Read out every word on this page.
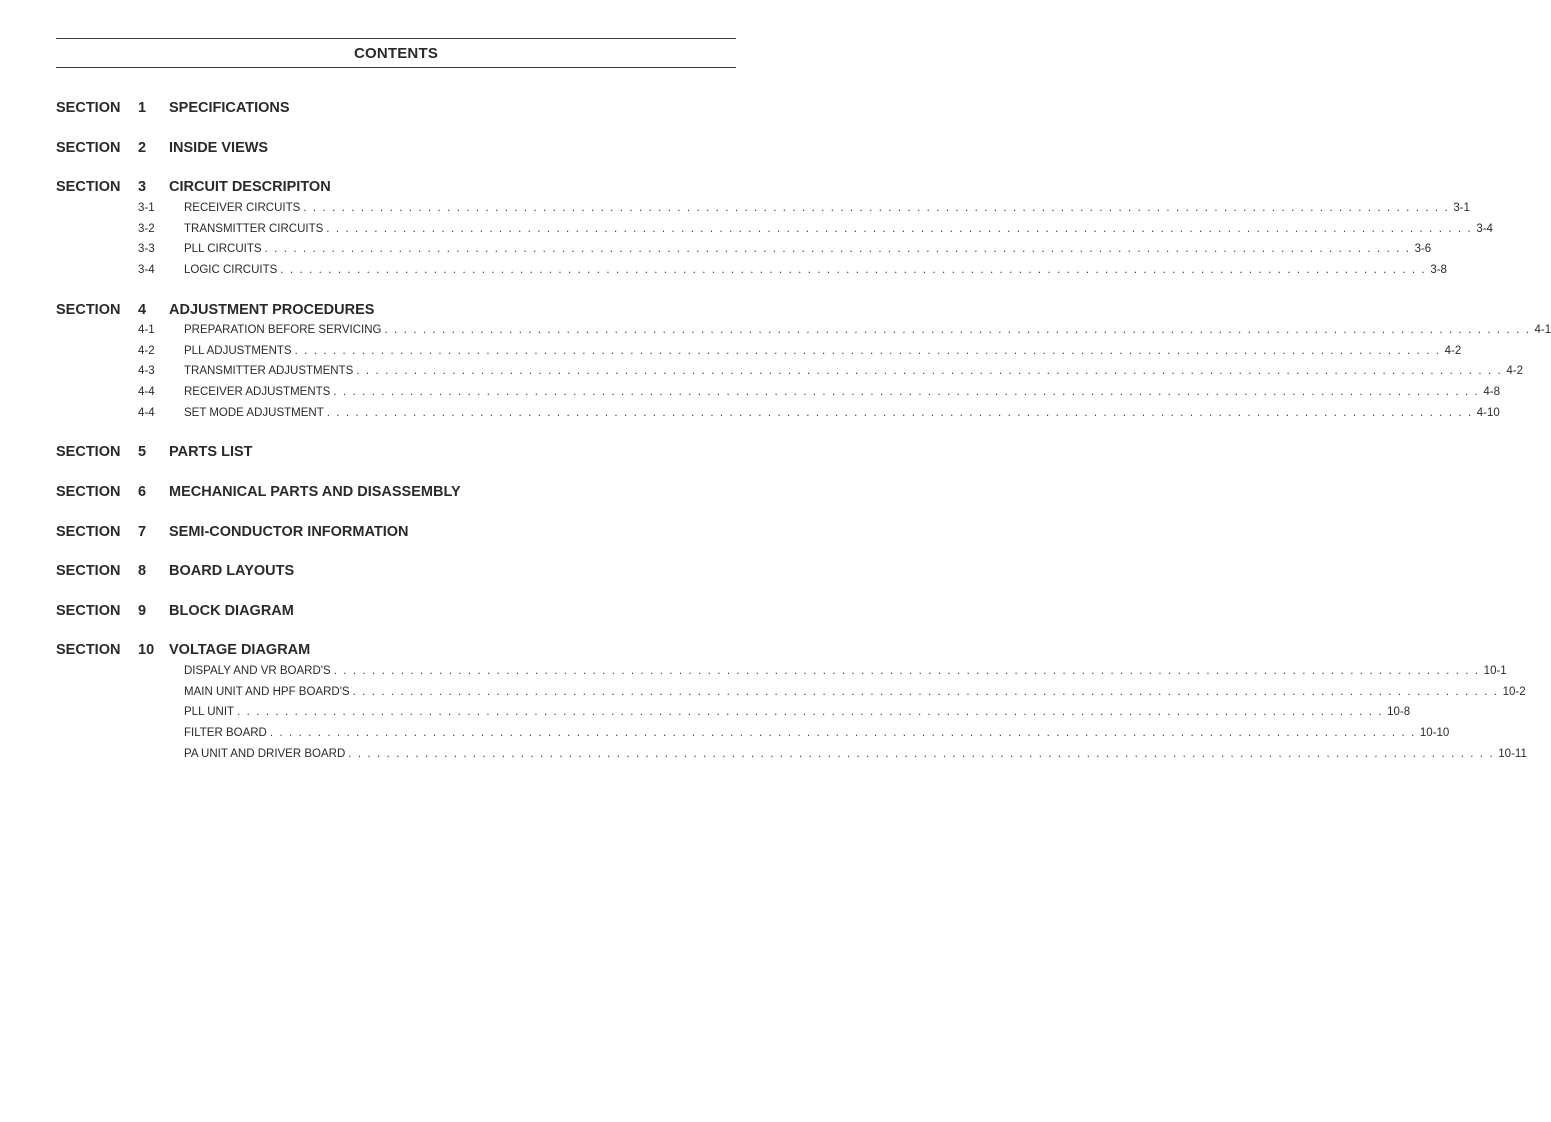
CONTENTS
SECTION 1 SPECIFICATIONS
SECTION 2 INSIDE VIEWS
SECTION 3 CIRCUIT DESCRIPITON
3-1	RECEIVER CIRCUITS . . . . . . . . . . . . . . . . . . . . . . . . . . . . . . . . . . . . . . . . . . . . . . . . . . . . . . . . . . . . . . . . . . . . . . . . . . . . . . . . . . . . . . . . . . . . . . . . . . . . . . . . . . . . . . . . . . . . . . . . 3-1
3-2	TRANSMITTER CIRCUITS . . . . . . . . . . . . . . . . . . . . . . . . . . . . . . . . . . . . . . . . . . . . . . . . . . . . . . . . . . . . . . . . . . . . . . . . . . . . . . . . . . . . . . . . . . . . . . . . . . . . . . . . . . . . . . . . . . . . . . . . 3-4
3-3	PLL CIRCUITS . . . . . . . . . . . . . . . . . . . . . . . . . . . . . . . . . . . . . . . . . . . . . . . . . . . . . . . . . . . . . . . . . . . . . . . . . . . . . . . . . . . . . . . . . . . . . . . . . . . . . . . . . . . . . . . . . . . . . . . . 3-6
3-4	LOGIC CIRCUITS . . . . . . . . . . . . . . . . . . . . . . . . . . . . . . . . . . . . . . . . . . . . . . . . . . . . . . . . . . . . . . . . . . . . . . . . . . . . . . . . . . . . . . . . . . . . . . . . . . . . . . . . . . . . . . . . . . . . . . . . 3-8
SECTION 4 ADJUSTMENT PROCEDURES
4-1	PREPARATION BEFORE SERVICING . . . . . . . . . . . . . . . . . . . . . . . . . . . . . . . . . . . . . . . . . . . . . . . . . . . . . . . . . . . . . . . . . . . . . . . . . . . . . . . . . . . . . . . . . . . . . . . . . . . . . . . . . . . . . . . . . . . . . . . . 4-1
4-2	PLL ADJUSTMENTS . . . . . . . . . . . . . . . . . . . . . . . . . . . . . . . . . . . . . . . . . . . . . . . . . . . . . . . . . . . . . . . . . . . . . . . . . . . . . . . . . . . . . . . . . . . . . . . . . . . . . . . . . . . . . . . . . . . . . . . . 4-2
4-3	TRANSMITTER ADJUSTMENTS . . . . . . . . . . . . . . . . . . . . . . . . . . . . . . . . . . . . . . . . . . . . . . . . . . . . . . . . . . . . . . . . . . . . . . . . . . . . . . . . . . . . . . . . . . . . . . . . . . . . . . . . . . . . . . . . . . . . . . . . 4-2
4-4	RECEIVER ADJUSTMENTS . . . . . . . . . . . . . . . . . . . . . . . . . . . . . . . . . . . . . . . . . . . . . . . . . . . . . . . . . . . . . . . . . . . . . . . . . . . . . . . . . . . . . . . . . . . . . . . . . . . . . . . . . . . . . . . . . . . . . . . . 4-8
4-4	SET MODE ADJUSTMENT . . . . . . . . . . . . . . . . . . . . . . . . . . . . . . . . . . . . . . . . . . . . . . . . . . . . . . . . . . . . . . . . . . . . . . . . . . . . . . . . . . . . . . . . . . . . . . . . . . . . . . . . . . . . . . . . . . . . . . . . 4-10
SECTION 5 PARTS LIST
SECTION 6 MECHANICAL PARTS AND DISASSEMBLY
SECTION 7 SEMI-CONDUCTOR INFORMATION
SECTION 8 BOARD LAYOUTS
SECTION 9 BLOCK DIAGRAM
SECTION 10 VOLTAGE DIAGRAM
DISPALY AND VR BOARD'S . . . . . . . . . . . . . . . . . . . . . . . . . . . . . . . . . . . . . . . . . . . . . . . . . . . . . . . . . . . . . . . . . . . . . . . . . . . . . . . . . . . . . . . . . . . . . . . . . . . . . . . . . . . . . . . . . . . . . . . . 10-1
MAIN UNIT AND HPF BOARD'S . . . . . . . . . . . . . . . . . . . . . . . . . . . . . . . . . . . . . . . . . . . . . . . . . . . . . . . . . . . . . . . . . . . . . . . . . . . . . . . . . . . . . . . . . . . . . . . . . . . . . . . . . . . . . . . . . . . . . . . . 10-2
PLL UNIT . . . . . . . . . . . . . . . . . . . . . . . . . . . . . . . . . . . . . . . . . . . . . . . . . . . . . . . . . . . . . . . . . . . . . . . . . . . . . . . . . . . . . . . . . . . . . . . . . . . . . . . . . . . . . . . . . . . . . . . . 10-8
FILTER BOARD . . . . . . . . . . . . . . . . . . . . . . . . . . . . . . . . . . . . . . . . . . . . . . . . . . . . . . . . . . . . . . . . . . . . . . . . . . . . . . . . . . . . . . . . . . . . . . . . . . . . . . . . . . . . . . . . . . . . . . . . 10-10
PA UNIT AND DRIVER BOARD . . . . . . . . . . . . . . . . . . . . . . . . . . . . . . . . . . . . . . . . . . . . . . . . . . . . . . . . . . . . . . . . . . . . . . . . . . . . . . . . . . . . . . . . . . . . . . . . . . . . . . . . . . . . . . . . . . . . . . . . 10-11
